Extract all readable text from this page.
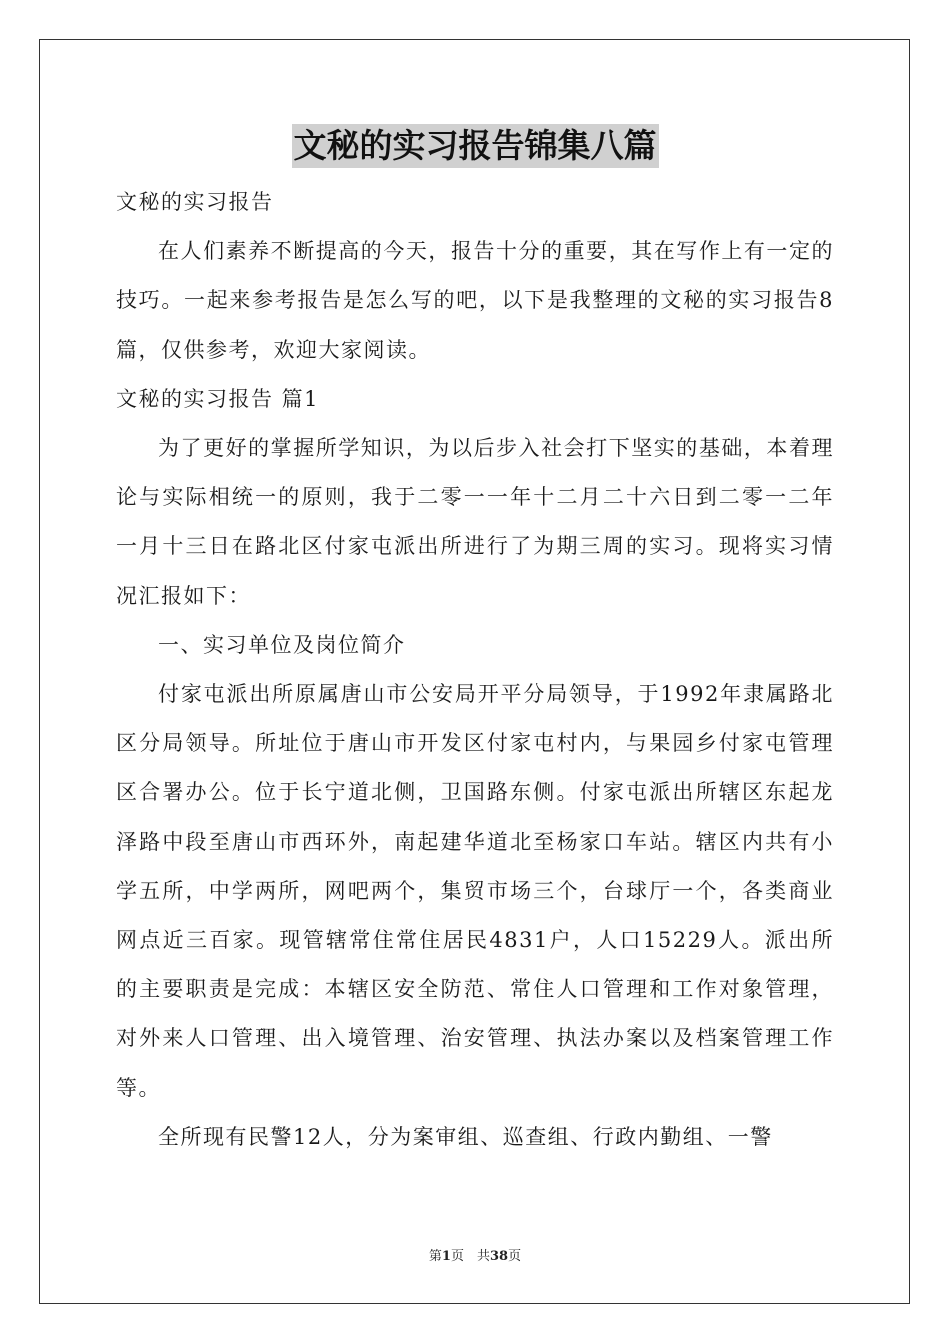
文秘的实习报告锦集八篇

文秘的实习报告

在人们素养不断提高的今天，报告十分的重要，其在写作上有一定的技巧。一起来参考报告是怎么写的吧，以下是我整理的文秘的实习报告8篇，仅供参考，欢迎大家阅读。

文秘的实习报告 篇1

为了更好的掌握所学知识，为以后步入社会打下坚实的基础，本着理论与实际相统一的原则，我于二零一一年十二月二十六日到二零一二年一月十三日在路北区付家屯派出所进行了为期三周的实习。现将实习情况汇报如下：

一、实习单位及岗位简介

付家屯派出所原属唐山市公安局开平分局领导，于1992年隶属路北区分局领导。所址位于唐山市开发区付家屯村内，与果园乡付家屯管理区合署办公。位于长宁道北侧，卫国路东侧。付家屯派出所辖区东起龙泽路中段至唐山市西环外，南起建华道北至杨家口车站。辖区内共有小学五所，中学两所，网吧两个，集贸市场三个，台球厅一个，各类商业网点近三百家。现管辖常住常住居民4831户，人口15229人。派出所的主要职责是完成：本辖区安全防范、常住人口管理和工作对象管理，对外来人口管理、出入境管理、治安管理、执法办案以及档案管理工作等。

全所现有民警12人，分为案审组、巡查组、行政内勤组、一警

第1页　共38页
